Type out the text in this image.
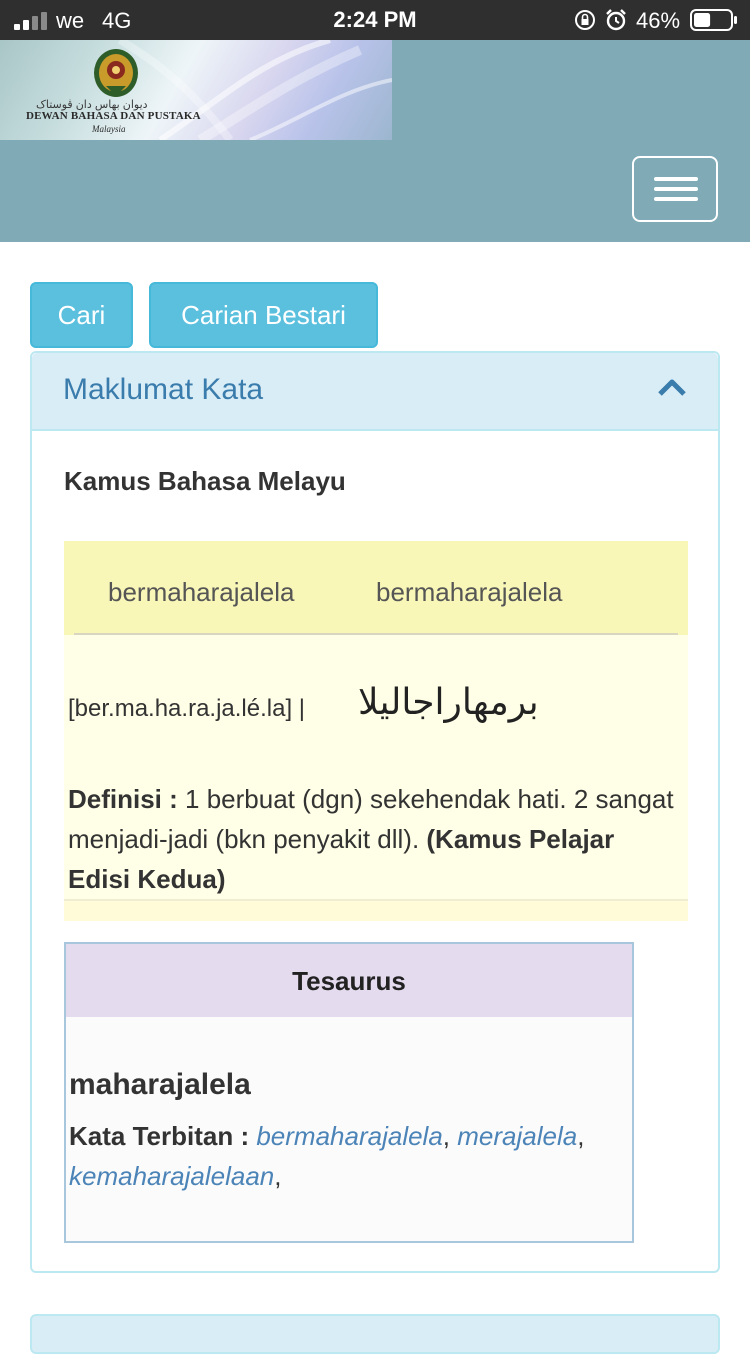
we 4G	2:24 PM	46%
ديوان بهاس دان ڤوستاک
DEWAN BAHASA DAN PUSTAKA
Malaysia
Cari	Carian Bestari
Maklumat Kata
Kamus Bahasa Melayu
bermaharajalela	bermaharajalela
[ber.ma.ha.ra.ja.lé.la] | برمهاراجاليلا
Definisi : 1 berbuat (dgn) sekehendak hati. 2 sangat menjadi-jadi (bkn penyakit dll). (Kamus Pelajar Edisi Kedua)
Tesaurus
maharajalela
Kata Terbitan : bermaharajalela, merajalela, kemaharajalelaan,
